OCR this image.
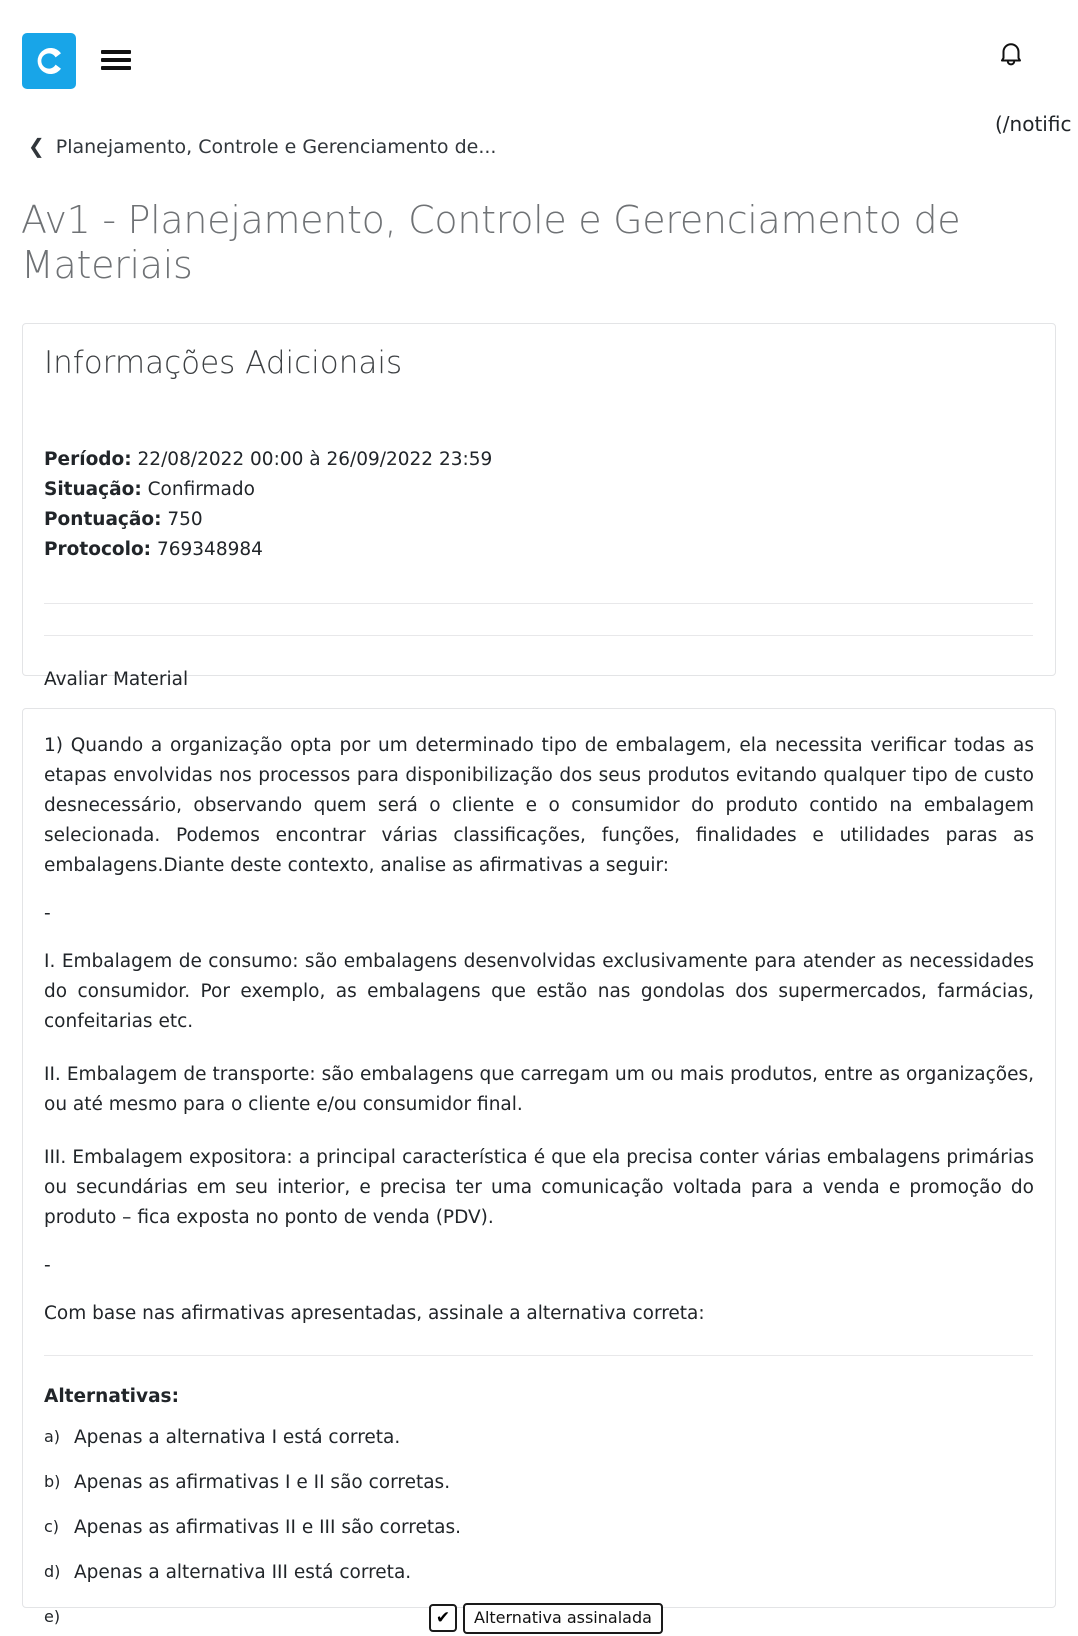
(/notific
❮ Planejamento, Controle e Gerenciamento de...
Av1 - Planejamento, Controle e Gerenciamento de Materiais
Informações Adicionais
Período: 22/08/2022 00:00 à 26/09/2022 23:59
Situação: Confirmado
Pontuação: 750
Protocolo: 769348984
Avaliar Material

1) Quando a organização opta por um determinado tipo de embalagem, ela necessita verificar todas as etapas envolvidas nos processos para disponibilização dos seus produtos evitando qualquer tipo de custo desnecessário, observando quem será o cliente e o consumidor do produto contido na embalagem selecionada. Podemos encontrar várias classificações, funções, finalidades e utilidades paras as embalagens.Diante deste contexto, analise as afirmativas a seguir:

-

I. Embalagem de consumo: são embalagens desenvolvidas exclusivamente para atender as necessidades do consumidor. Por exemplo, as embalagens que estão nas gondolas dos supermercados, farmácias, confeitarias etc.

II. Embalagem de transporte: são embalagens que carregam um ou mais produtos, entre as organizações, ou até mesmo para o cliente e/ou consumidor final.

III. Embalagem expositora: a principal característica é que ela precisa conter várias embalagens primárias ou secundárias em seu interior, e precisa ter uma comunicação voltada para a venda e promoção do produto – fica exposta no ponto de venda (PDV).

-

Com base nas afirmativas apresentadas, assinale a alternativa correta:

Alternativas:
a) Apenas a alternativa I está correta.
b) Apenas as afirmativas I e II são corretas.
c) Apenas as afirmativas II e III são corretas.
d) Apenas a alternativa III está correta.
e)	✔	Alternativa assinalada
